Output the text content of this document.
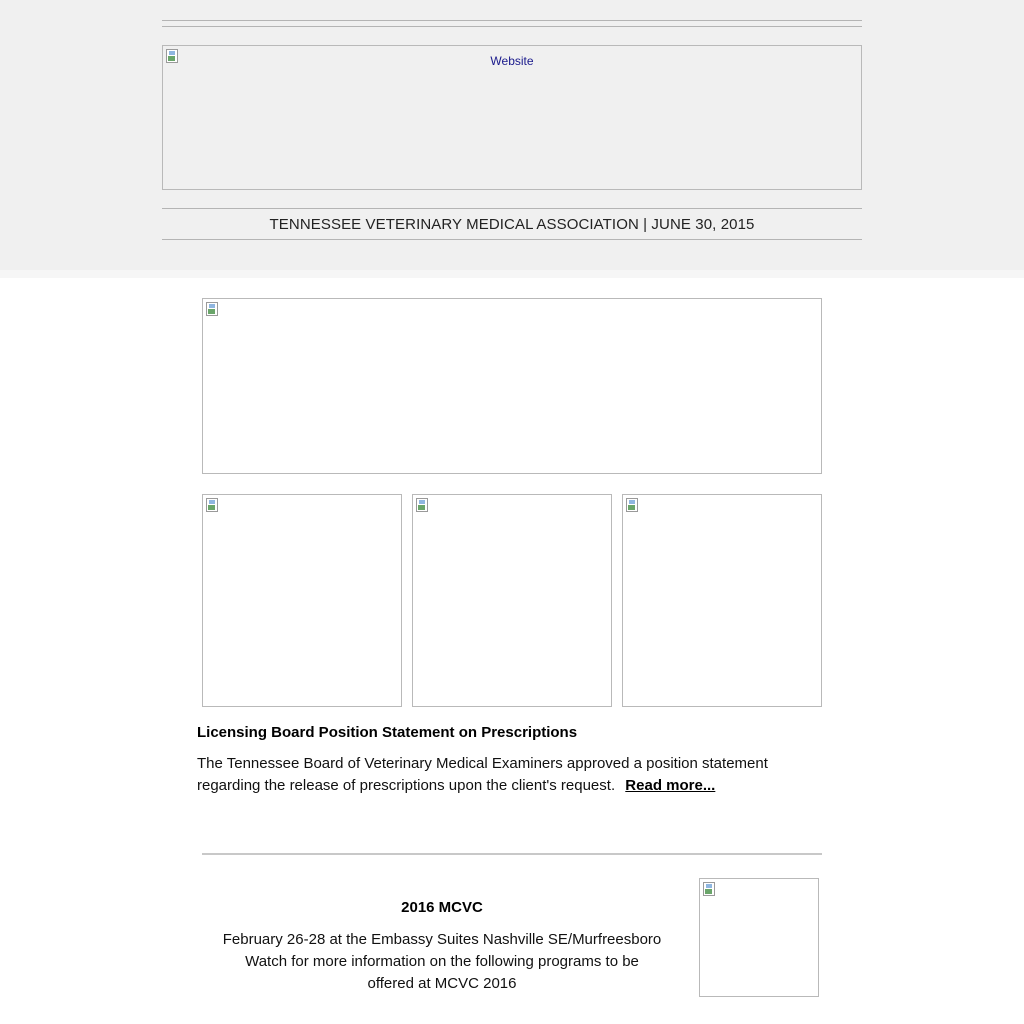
Website
TENNESSEE VETERINARY MEDICAL ASSOCIATION | JUNE 30, 2015
Licensing Board Position Statement on Prescriptions
The Tennessee Board of Veterinary Medical Examiners approved a position statement regarding the release of prescriptions upon the client's request. Read more...
2016 MCVC
February 26-28 at the Embassy Suites Nashville SE/Murfreesboro
Watch for more information on the following programs to be
offered at MCVC 2016
